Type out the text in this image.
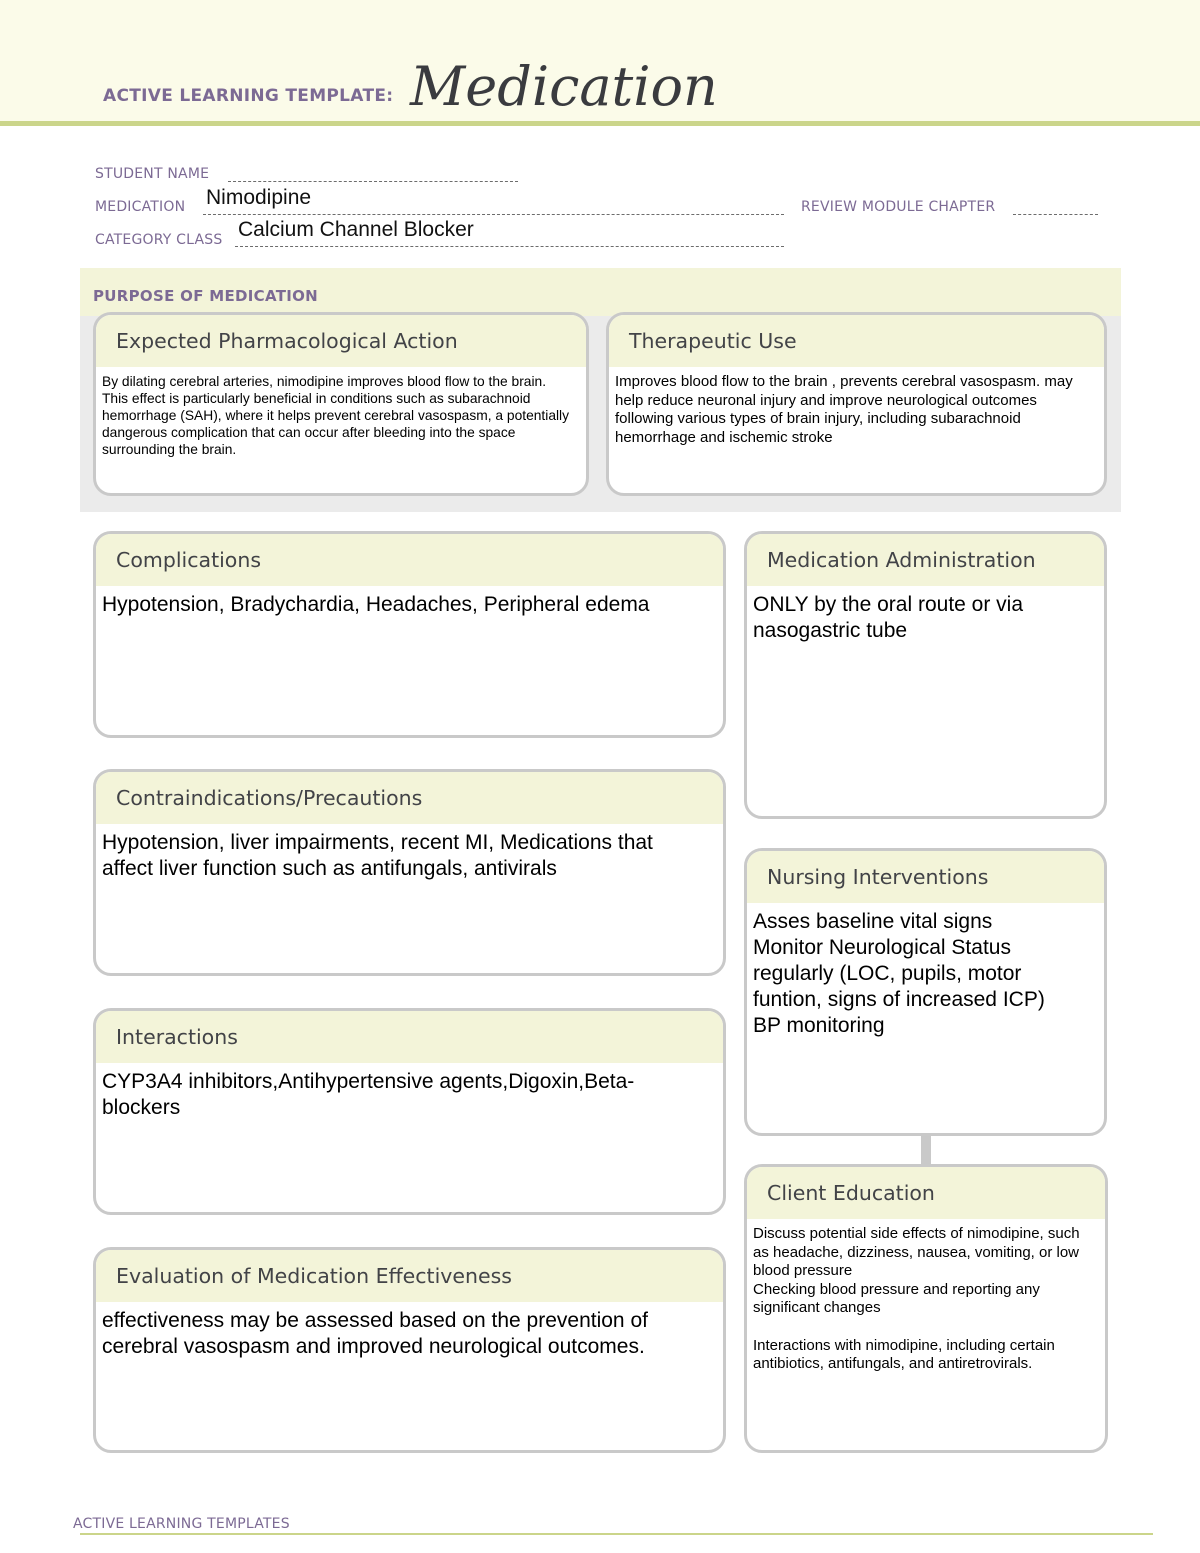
ACTIVE LEARNING TEMPLATE: Medication
STUDENT NAME
MEDICATION Nimodipine	REVIEW MODULE CHAPTER
CATEGORY CLASS Calcium Channel Blocker
PURPOSE OF MEDICATION
Expected Pharmacological Action
By dilating cerebral arteries, nimodipine improves blood flow to the brain. This effect is particularly beneficial in conditions such as subarachnoid hemorrhage (SAH), where it helps prevent cerebral vasospasm, a potentially dangerous complication that can occur after bleeding into the space surrounding the brain.
Therapeutic Use
Improves blood flow to the brain , prevents cerebral vasospasm. may help reduce neuronal injury and improve neurological outcomes following various types of brain injury, including subarachnoid hemorrhage and ischemic stroke
Complications
Hypotension, Bradychardia, Headaches, Peripheral edema
Contraindications/Precautions
Hypotension, liver impairments, recent MI, Medications that affect liver function such as antifungals, antivirals
Interactions
CYP3A4 inhibitors,Antihypertensive agents,Digoxin,Beta-blockers
Evaluation of Medication Effectiveness
effectiveness may be assessed based on the prevention of cerebral vasospasm and improved neurological outcomes.
Medication Administration
ONLY by the oral route or via nasogastric tube
Nursing Interventions
Asses baseline vital signs
Monitor Neurological Status regularly (LOC, pupils, motor funtion, signs of increased ICP)
BP monitoring
Client Education
Discuss potential side effects of nimodipine, such as headache, dizziness, nausea, vomiting, or low blood pressure
Checking blood pressure and reporting any significant changes

Interactions with nimodipine, including certain antibiotics, antifungals, and antiretrovirals.
ACTIVE LEARNING TEMPLATES
